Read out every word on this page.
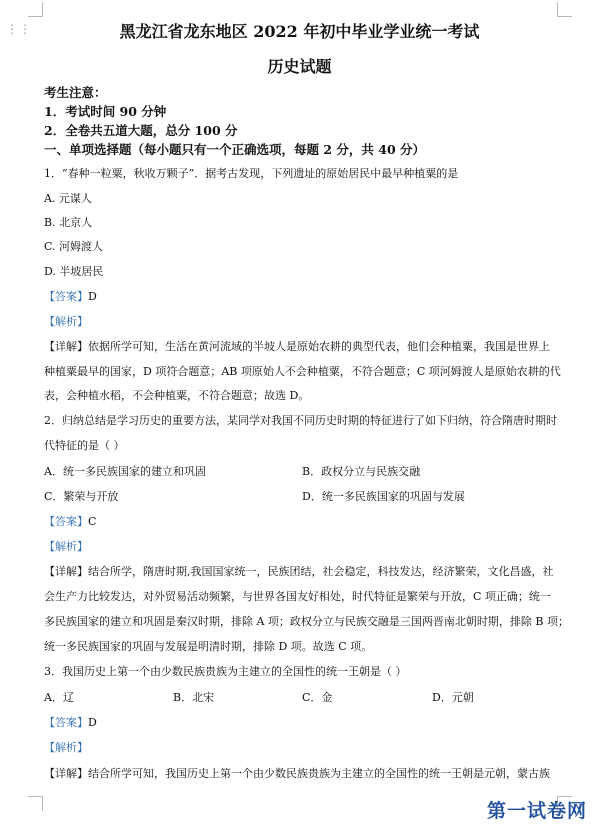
⋮⋮	黑龙江省龙东地区 2022 年初中毕业学业统一考试
历史试题
考生注意：
1．考试时间 90 分钟
2．全卷共五道大题，总分 100 分
一、单项选择题（每小题只有一个正确选项，每题 2 分，共 40 分）
1．“春种一粒粟，秋收万颗子”．据考古发现，下列遗址的原始居民中最早种植粟的是
A. 元谋人
B. 北京人
C. 河姆渡人
D. 半坡居民
【答案】D
【解析】
【详解】依据所学可知，生活在黄河流域的半坡人是原始农耕的典型代表，他们会种植粟，我国是世界上
种植粟最早的国家，D 项符合题意；AB 项原始人不会种植粟，不符合题意；C 项河姆渡人是原始农耕的代
表，会种植水稻，不会种植粟，不符合题意；故选 D。
2．归纳总结是学习历史的重要方法，某同学对我国不同历史时期的特征进行了如下归纳，符合隋唐时期时
代特征的是（ ）
A．统一多民族国家的建立和巩固	B．政权分立与民族交融
C．繁荣与开放	D．统一多民族国家的巩固与发展
【答案】C
【解析】
【详解】结合所学，隋唐时期,我国国家统一，民族团结，社会稳定，科技发达，经济繁荣，文化昌盛，社
会生产力比较发达，对外贸易活动频繁，与世界各国友好相处，时代特征是繁荣与开放，C 项正确；统一
多民族国家的建立和巩固是秦汉时期，排除 A 项；政权分立与民族交融是三国两晋南北朝时期，排除 B 项；
统一多民族国家的巩固与发展是明清时期，排除 D 项。故选 C 项。
3．我国历史上第一个由少数民族贵族为主建立的全国性的统一王朝是（ ）
A．辽	B．北宋	C．金	D．元朝
【答案】D
【解析】
【详解】结合所学可知，我国历史上第一个由少数民族贵族为主建立的全国性的统一王朝是元朝，蒙古族
第一试卷网
